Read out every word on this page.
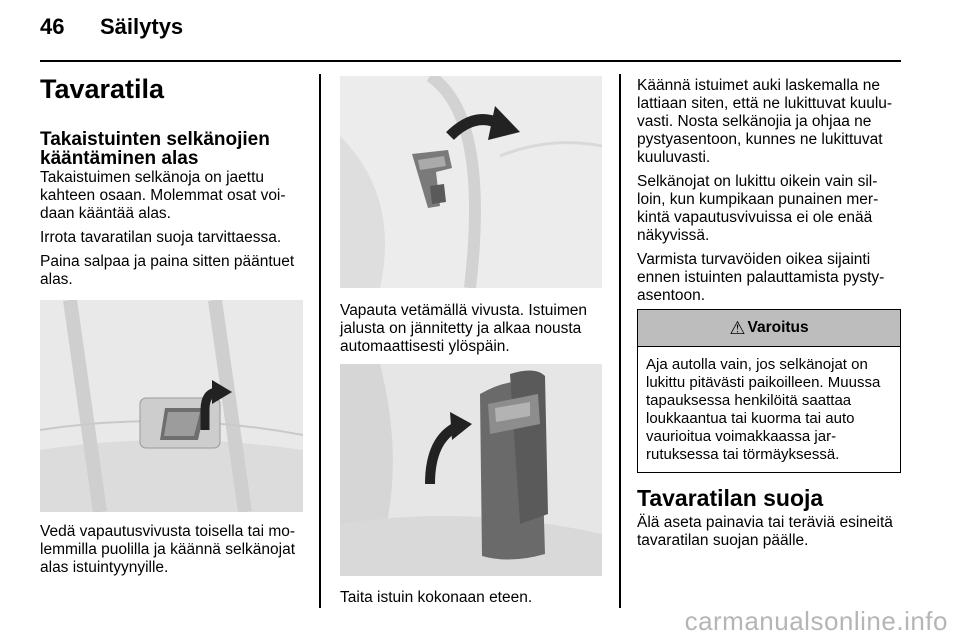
46 Säilytys
Tavaratila
Takaistuinten selkänojien kääntäminen alas

Takaistuimen selkänoja on jaettu kahteen osaan. Molemmat osat voi-daan kääntää alas.

Irrota tavaratilan suoja tarvittaessa.

Paina salpaa ja paina sitten pääntuet alas.

Vedä vapautusvivusta toisella tai mo-lemmilla puolilla ja käännä selkänojat alas istuintyynyille.
Vapauta vetämällä vivusta. Istuimen jalusta on jännitetty ja alkaa nousta automaattisesti ylöspäin.
Taita istuin kokonaan eteen.

Käännä istuimet auki laskemalla ne lattiaan siten, että ne lukittuvat kuulu-vasti. Nosta selkänojia ja ohjaa ne pystyasentoon, kunnes ne lukittuvat kuuluvasti.

Selkänojat on lukittu oikein vain sil-loin, kun kumpikaan punainen mer-kintä vapautusvivuissa ei ole enää näkyvissä.

Varmista turvavöiden oikea sijainti ennen istuinten palauttamista pysty-asentoon.

⚠ Varoitus
Aja autolla vain, jos selkänojat on lukittu pitävästi paikoilleen. Muussa tapauksessa henkilöitä saattaa loukkaantua tai kuorma tai auto vaurioitua voimakkaassa jar-rutuksessa tai törmäyksessä.
Tavaratilan suoja

Älä aseta painavia tai teräviä esineitä tavaratilan suojan päälle.

carmanualsonline.info
